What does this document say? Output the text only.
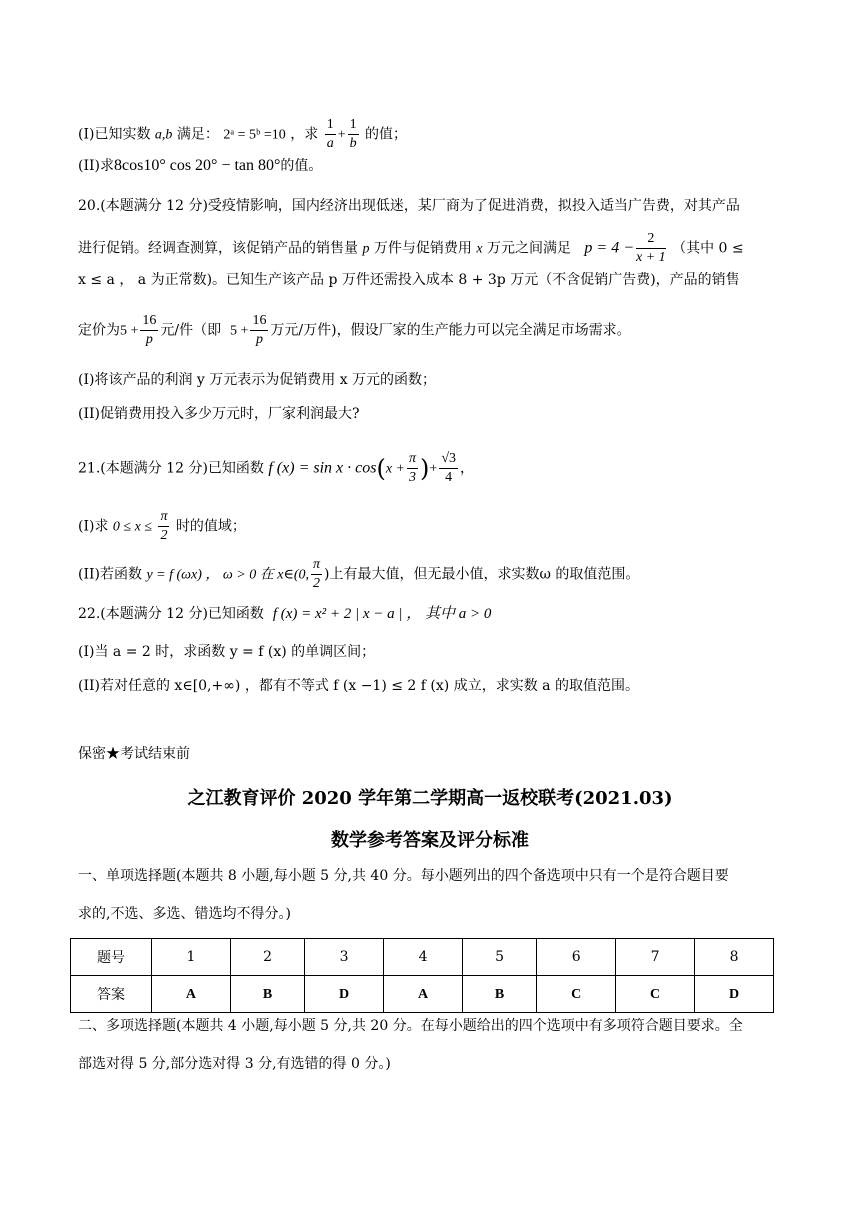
(I)已知实数 a,b 满足： 2ᵃ = 5ᵇ =10 ，求 $\frac{1}{a} + \frac{1}{b}$ 的值；
(II)求8cos10° cos 20° − tan 80°的值。
20.(本题满分 12 分)受疫情影响，国内经济出现低迷，某厂商为了促进消费，拟投入适当广告费，对其产品
进行促销。经调查测算，该促销产品的销售量 p 万件与促销费用 x 万元之间满足 $p = 4 - \frac{2}{x + 1}$ （其中 0 ≤
x ≤ a ， a 为正常数)。已知生产该产品 p 万件还需投入成本 8 + 3p 万元（不含促销广告费)，产品的销售
定价为$5 + \frac{16}{p}$ 元/件（即 $5 + \frac{16}{p}$ 万元/万件)，假设厂家的生产能力可以完全满足市场需求。
(I)将该产品的利润 y 万元表示为促销费用 x 万元的函数；
(II)促销费用投入多少万元时，厂家利润最大?
21.(本题满分 12 分)已知函数 f $(x) = \sin x \cdot \cos(x + \frac{\pi}{3}$ )+ $\frac{√3}{4}$ ，
(I)求 $0 \le x \le \frac{\pi}{2}$ 时的值域；
(II)若函数 y = f (ωx) ， ω > 0 在 x∈(0, $\frac{\pi}{2}$ )上有最大值，但无最小值，求实数ω 的取值范围。
22.(本题满分 12 分)已知函数 f (x) = x² + 2 | x − a | ， 其中 a > 0
(I)当 a = 2 时，求函数 y = f (x) 的单调区间；
(II)若对任意的 x∈[0,+∞) ，都有不等式 f (x −1) ≤ 2 f (x) 成立，求实数 a 的取值范围。
保密★考试结束前
之江教育评价 2020 学年第二学期高一返校联考(2021.03)
数学参考答案及评分标准
一、单项选择题(本题共 8 小题,每小题 5 分,共 40 分。每小题列出的四个备选项中只有一个是符合题目要
求的,不选、多选、错选均不得分。)
题号	1	2	3	4	5	6	7	8
答案	A	B	D	A	B	C	C	D
二、多项选择题(本题共 4 小题,每小题 5 分,共 20 分。在每小题给出的四个选项中有多项符合题目要求。全
部选对得 5 分,部分选对得 3 分,有选错的得 0 分。)
